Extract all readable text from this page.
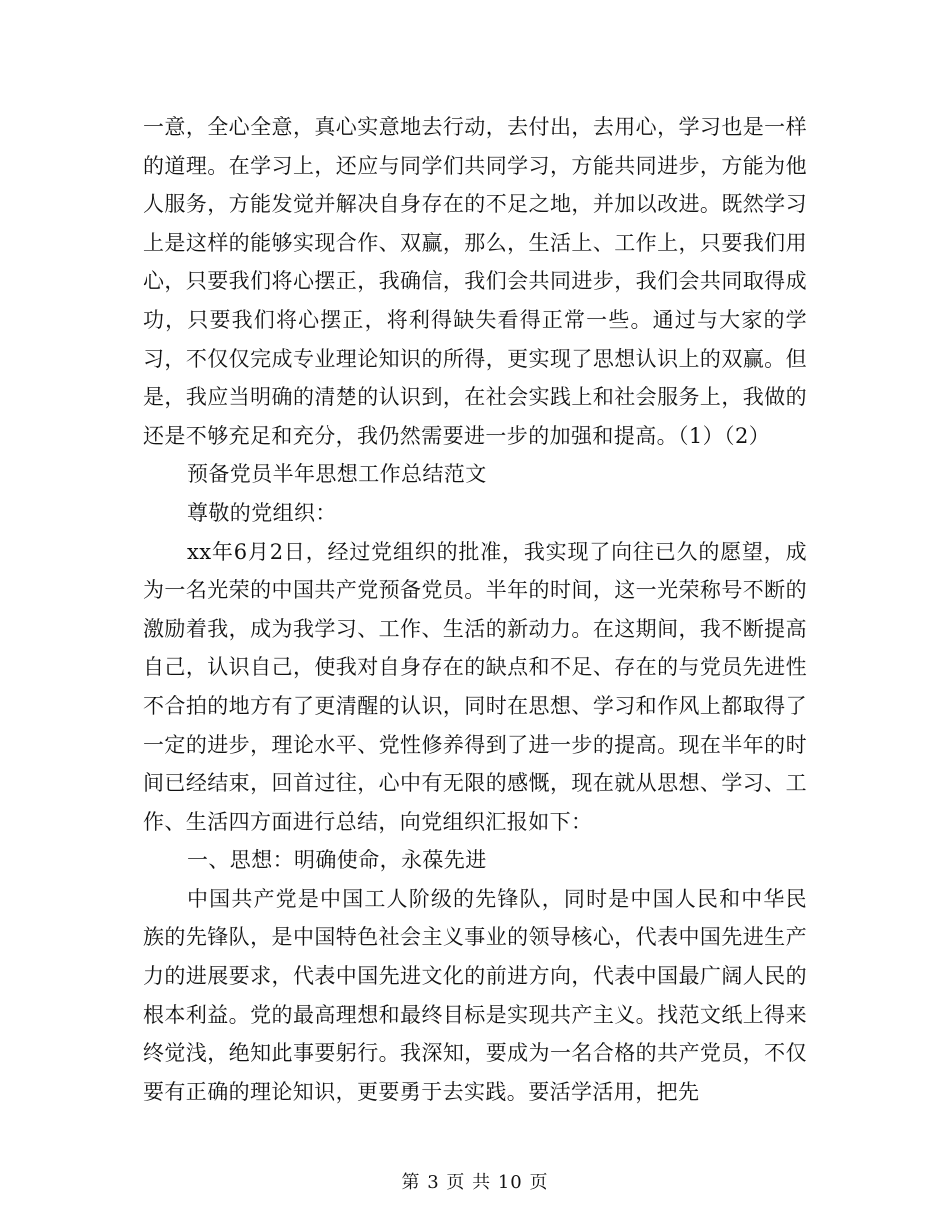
一意，全心全意，真心实意地去行动，去付出，去用心，学习也是一样的道理。在学习上，还应与同学们共同学习，方能共同进步，方能为他人服务，方能发觉并解决自身存在的不足之地，并加以改进。既然学习上是这样的能够实现合作、双赢，那么，生活上、工作上，只要我们用心，只要我们将心摆正，我确信，我们会共同进步，我们会共同取得成功，只要我们将心摆正，将利得缺失看得正常一些。通过与大家的学习，不仅仅完成专业理论知识的所得，更实现了思想认识上的双赢。但是，我应当明确的清楚的认识到，在社会实践上和社会服务上，我做的还是不够充足和充分，我仍然需要进一步的加强和提高。（1）（2）

预备党员半年思想工作总结范文

尊敬的党组织：

xx年6月2日，经过党组织的批准，我实现了向往已久的愿望，成为一名光荣的中国共产党预备党员。半年的时间，这一光荣称号不断的激励着我，成为我学习、工作、生活的新动力。在这期间，我不断提高自己，认识自己，使我对自身存在的缺点和不足、存在的与党员先进性不合拍的地方有了更清醒的认识，同时在思想、学习和作风上都取得了一定的进步，理论水平、党性修养得到了进一步的提高。现在半年的时间已经结束，回首过往，心中有无限的感慨，现在就从思想、学习、工作、生活四方面进行总结，向党组织汇报如下：

一、思想：明确使命，永葆先进

中国共产党是中国工人阶级的先锋队，同时是中国人民和中华民族的先锋队，是中国特色社会主义事业的领导核心，代表中国先进生产力的进展要求，代表中国先进文化的前进方向，代表中国最广阔人民的根本利益。党的最高理想和最终目标是实现共产主义。找范文纸上得来终觉浅，绝知此事要躬行。我深知，要成为一名合格的共产党员，不仅要有正确的理论知识，更要勇于去实践。要活学活用，把先

第 3 页 共 10 页
